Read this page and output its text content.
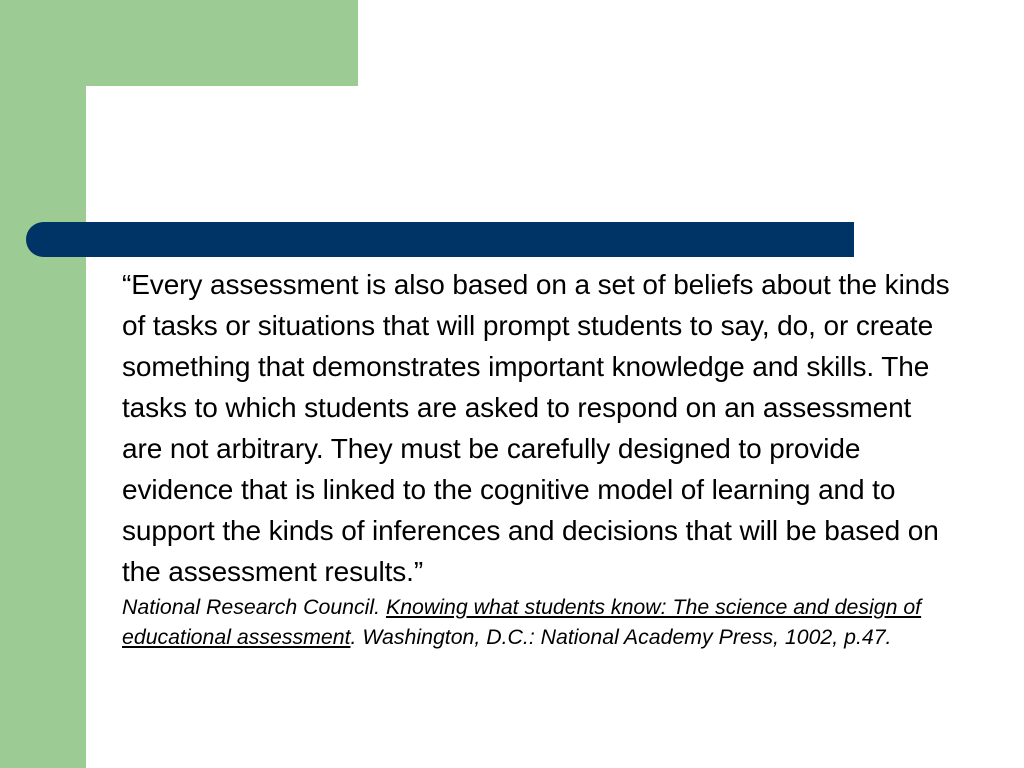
“Every assessment is also based on a set of beliefs about the kinds of tasks or situations that will prompt students to say, do, or create something that demonstrates important knowledge and skills. The tasks to which students are asked to respond on an assessment are not arbitrary. They must be carefully designed to provide evidence that is linked to the cognitive model of learning and to support the kinds of inferences and decisions that will be based on the assessment results.”

National Research Council. Knowing what students know: The science and design of educational assessment. Washington, D.C.: National Academy Press, 1002, p.47.
